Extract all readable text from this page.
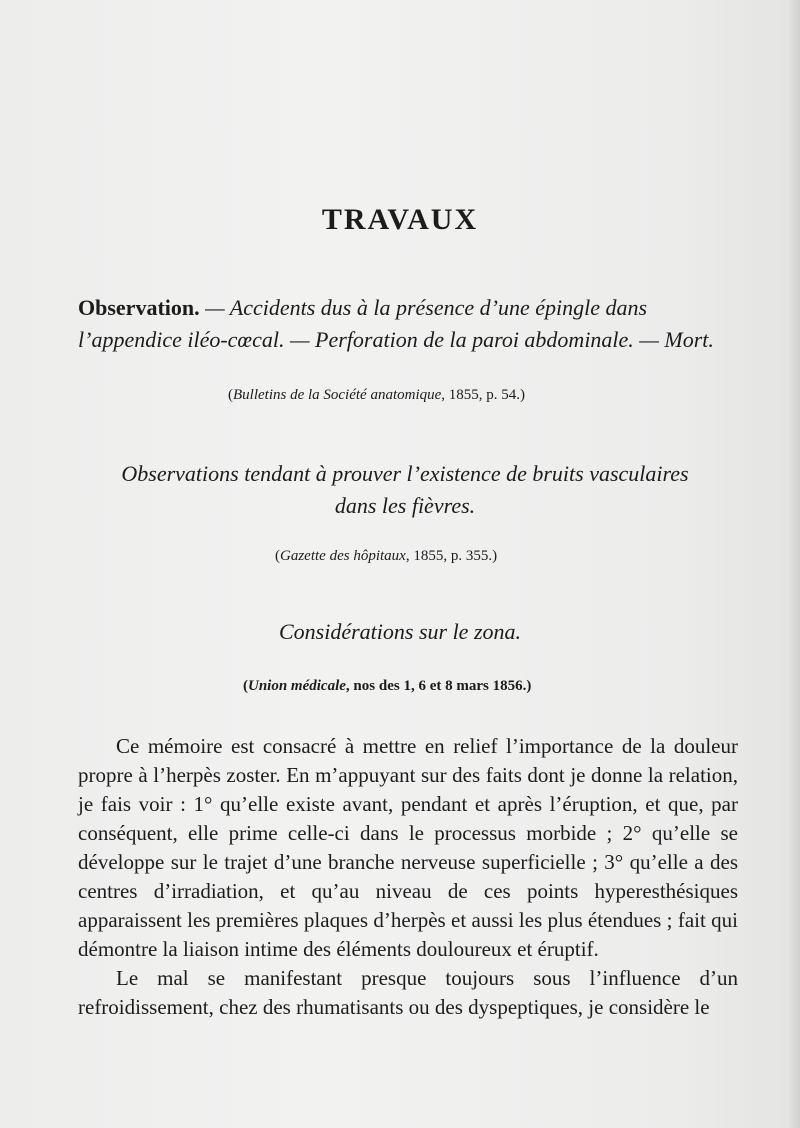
TRAVAUX

Observation. — Accidents dus à la présence d’une épingle dans l’appendice iléo-cœcal. — Perforation de la paroi abdominale. — Mort.

(Bulletins de la Société anatomique, 1855, p. 54.)

Observations tendant à prouver l’existence de bruits vasculaires dans les fièvres.

(Gazette des hôpitaux, 1855, p. 355.)

Considérations sur le zona.

(Union médicale, nos des 1, 6 et 8 mars 1856.)

Ce mémoire est consacré à mettre en relief l’importance de la douleur propre à l’herpès zoster. En m’appuyant sur des faits dont je donne la relation, je fais voir : 1° qu’elle existe avant, pendant et après l’éruption, et que, par conséquent, elle prime celle-ci dans le processus morbide ; 2° qu’elle se développe sur le trajet d’une branche nerveuse superficielle ; 3° qu’elle a des centres d’irradiation, et qu’au niveau de ces points hyperesthésiques apparaissent les premières plaques d’herpès et aussi les plus étendues ; fait qui démontre la liaison intime des éléments douloureux et éruptif.

Le mal se manifestant presque toujours sous l’influence d’un refroidissement, chez des rhumatisants ou des dyspeptiques, je considère le
